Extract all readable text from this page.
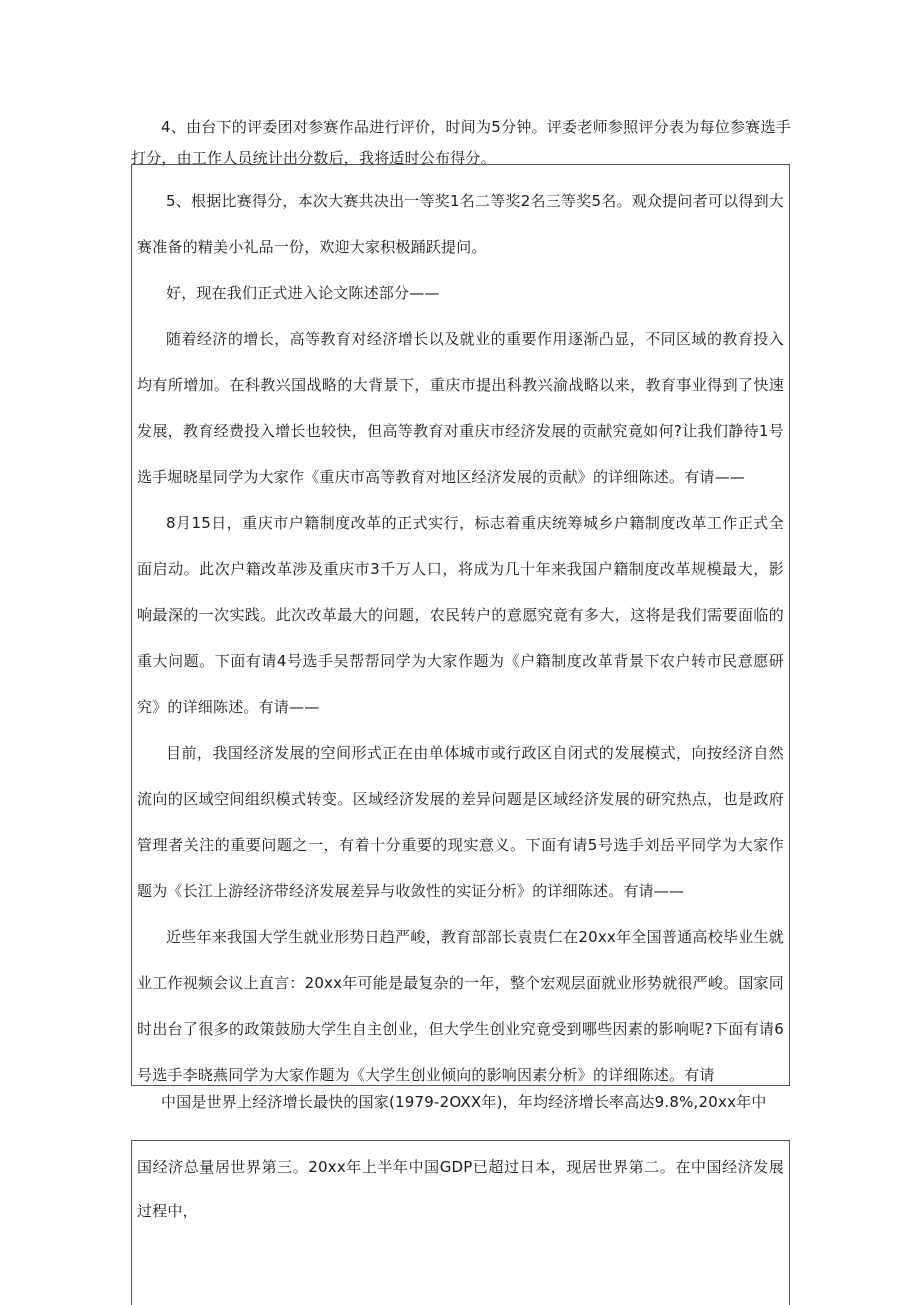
4、由台下的评委团对参赛作品进行评价，时间为5分钟。评委老师参照评分表为每位参赛选手打分，由工作人员统计出分数后，我将适时公布得分。

5、根据比赛得分，本次大赛共决出一等奖1名二等奖2名三等奖5名。观众提问者可以得到大赛准备的精美小礼品一份，欢迎大家积极踊跃提问。

好，现在我们正式进入论文陈述部分——

随着经济的增长，高等教育对经济增长以及就业的重要作用逐渐凸显，不同区域的教育投入均有所增加。在科教兴国战略的大背景下，重庆市提出科教兴渝战略以来，教育事业得到了快速发展，教育经费投入增长也较快，但高等教育对重庆市经济发展的贡献究竟如何?让我们静待1号选手堀晓星同学为大家作《重庆市高等教育对地区经济发展的贡献》的详细陈述。有请——

8月15日，重庆市户籍制度改革的正式实行，标志着重庆统筹城乡户籍制度改革工作正式全面启动。此次户籍改革涉及重庆市3千万人口，将成为几十年来我国户籍制度改革规模最大，影响最深的一次实践。此次改革最大的问题，农民转户的意愿究竟有多大，这将是我们需要面临的重大问题。下面有请4号选手吴帮帮同学为大家作题为《户籍制度改革背景下农户转市民意愿研究》的详细陈述。有请——

目前，我国经济发展的空间形式正在由单体城市或行政区自闭式的发展模式，向按经济自然流向的区域空间组织模式转变。区域经济发展的差异问题是区域经济发展的研究热点，也是政府管理者关注的重要问题之一，有着十分重要的现实意义。下面有请5号选手刘岳平同学为大家作题为《长江上游经济带经济发展差异与收敛性的实证分析》的详细陈述。有请——

近些年来我国大学生就业形势日趋严峻，教育部部长袁贵仁在20xx年全国普通高校毕业生就业工作视频会议上直言：20xx年可能是最复杂的一年，整个宏观层面就业形势就很严峻。国家同时出台了很多的政策鼓励大学生自主创业，但大学生创业究竟受到哪些因素的影响呢?下面有请6号选手李晓燕同学为大家作题为《大学生创业倾向的影响因素分析》的详细陈述。有请

中国是世界上经济增长最快的国家(1979-2OXX年)，年均经济增长率高达9.8%,20xx年中

国经济总量居世界第三。20xx年上半年中国GDP已超过日本，现居世界第二。在中国经济发展过程中，
